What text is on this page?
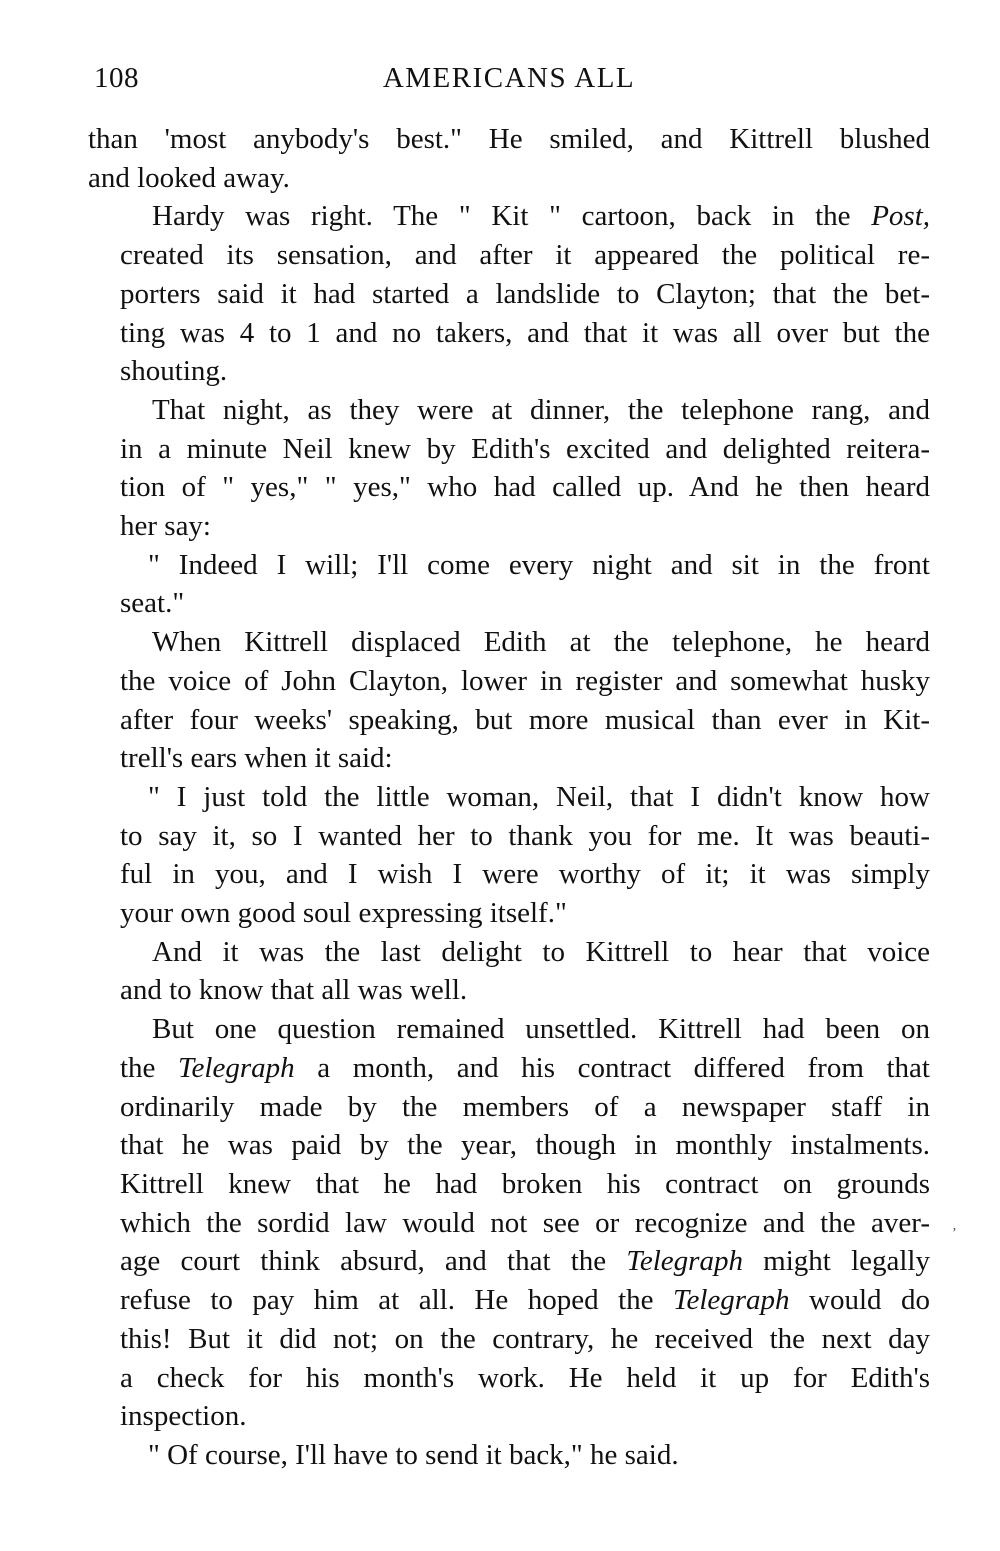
108	AMERICANS ALL

than 'most anybody's best." He smiled, and Kittrell blushed
and looked away.

Hardy was right. The " Kit " cartoon, back in the Post,
created its sensation, and after it appeared the political re-
porters said it had started a landslide to Clayton; that the bet-
ting was 4 to 1 and no takers, and that it was all over but the
shouting.

That night, as they were at dinner, the telephone rang, and
in a minute Neil knew by Edith's excited and delighted reitera-
tion of " yes," " yes," who had called up. And he then heard
her say:

" Indeed I will; I'll come every night and sit in the front
seat."

When Kittrell displaced Edith at the telephone, he heard
the voice of John Clayton, lower in register and somewhat husky
after four weeks' speaking, but more musical than ever in Kit-
trell's ears when it said:

" I just told the little woman, Neil, that I didn't know how
to say it, so I wanted her to thank you for me. It was beauti-
ful in you, and I wish I were worthy of it; it was simply
your own good soul expressing itself."

And it was the last delight to Kittrell to hear that voice
and to know that all was well.

But one question remained unsettled. Kittrell had been on
the Telegraph a month, and his contract differed from that
ordinarily made by the members of a newspaper staff in
that he was paid by the year, though in monthly instalments.
Kittrell knew that he had broken his contract on grounds
which the sordid law would not see or recognize and the aver-
age court think absurd, and that the Telegraph might legally
refuse to pay him at all. He hoped the Telegraph would do
this! But it did not; on the contrary, he received the next day
a check for his month's work. He held it up for Edith's
inspection.

" Of course, I'll have to send it back," he said.

’
